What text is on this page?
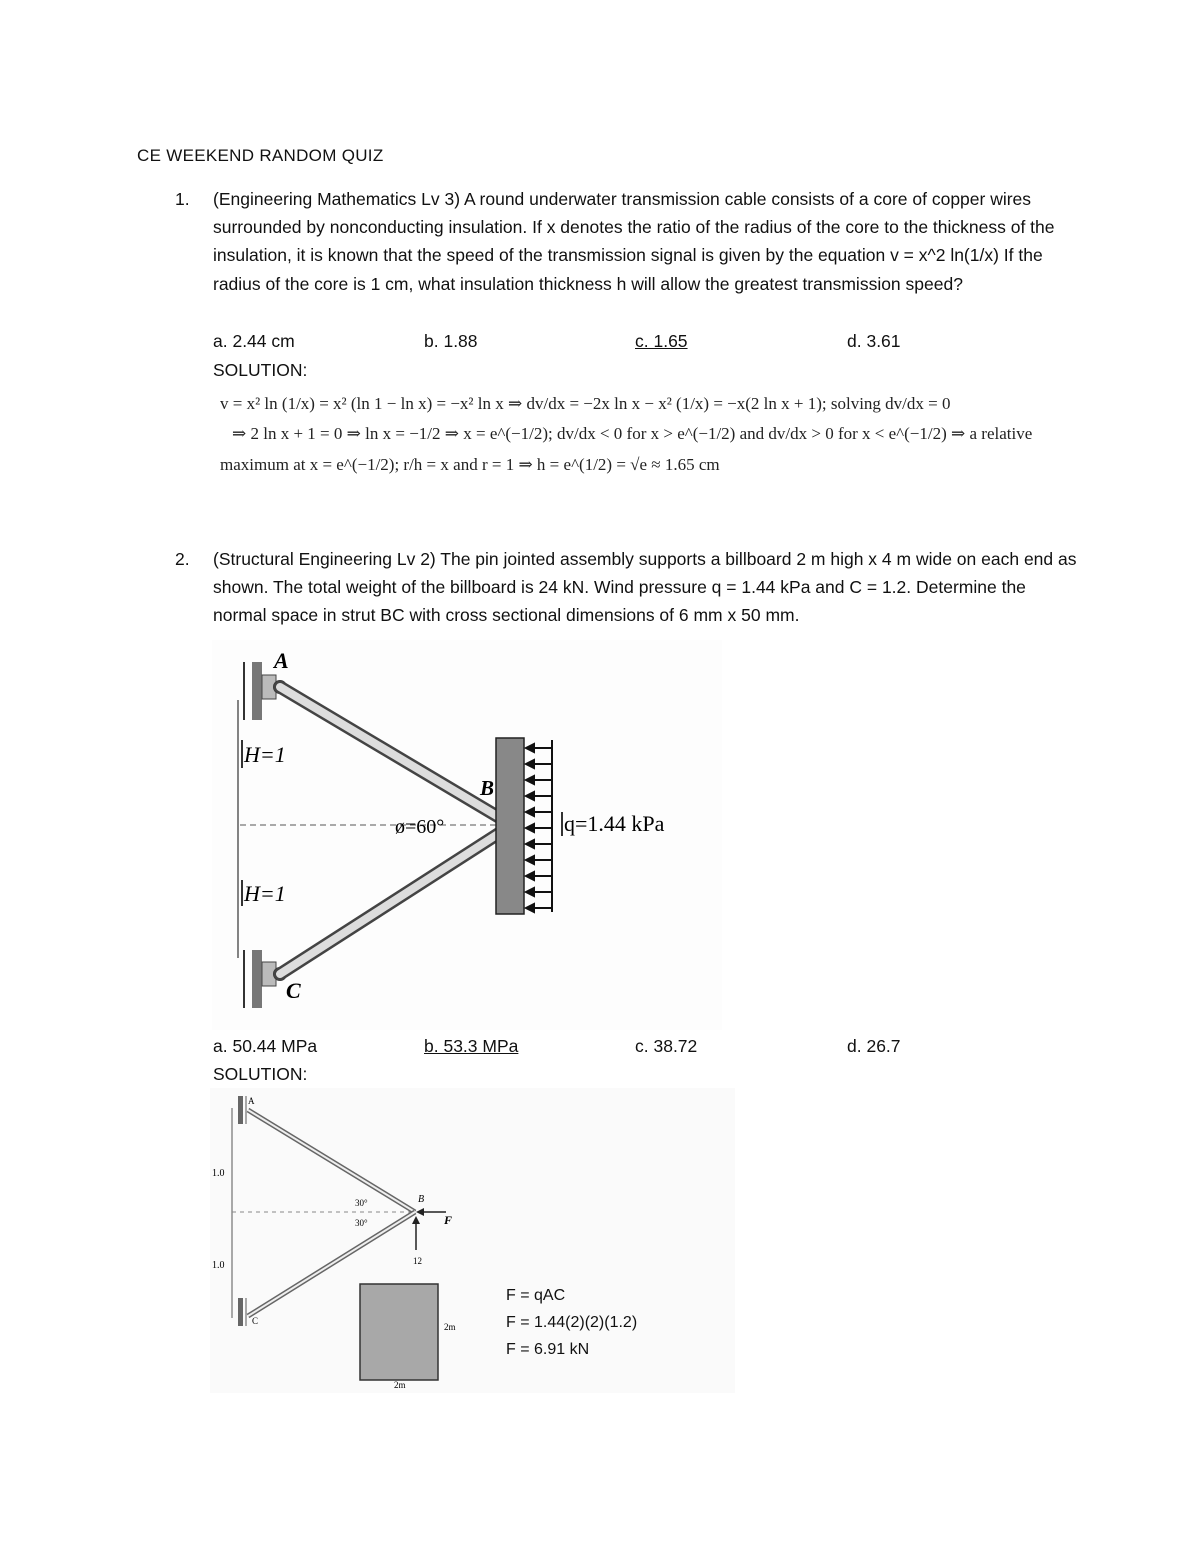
CE WEEKEND RANDOM QUIZ
1. (Engineering Mathematics Lv 3) A round underwater transmission cable consists of a core of copper wires surrounded by nonconducting insulation. If x denotes the ratio of the radius of the core to the thickness of the insulation, it is known that the speed of the transmission signal is given by the equation v = x^2 ln(1/x) If the radius of the core is 1 cm, what insulation thickness h will allow the greatest transmission speed?
a. 2.44 cm	b. 1.88	c. 1.65	d. 3.61
SOLUTION:
v = x² ln (1/x) = x² (ln 1 − ln x) = −x² ln x ⇒ dv/dx = −2x ln x − x² (1/x) = −x(2 ln x + 1); solving dv/dx = 0
⇒ 2 ln x + 1 = 0 ⇒ ln x = −1/2 ⇒ x = e^(−1/2); dv/dx < 0 for x > e^(−1/2) and dv/dx > 0 for x < e^(−1/2) ⇒ a relative
maximum at x = e^(−1/2); r/h = x and r = 1 ⇒ h = e^(1/2) = √e ≈ 1.65 cm
2. (Structural Engineering Lv 2) The pin jointed assembly supports a billboard 2 m high x 4 m wide on each end as shown. The total weight of the billboard is 24 kN. Wind pressure q = 1.44 kPa and C = 1.2. Determine the normal space in strut BC with cross sectional dimensions of 6 mm x 50 mm.
A
B
C
H=1
H=1
ø=60°	q=1.44 kPa
a. 50.44 MPa	b. 53.3 MPa	c. 38.72	d. 26.7
SOLUTION:
A
B
C
F
1.0
1.0
30°
30°
12
2m
2m
F = qAC
F = 1.44(2)(2)(1.2)
F = 6.91 kN
